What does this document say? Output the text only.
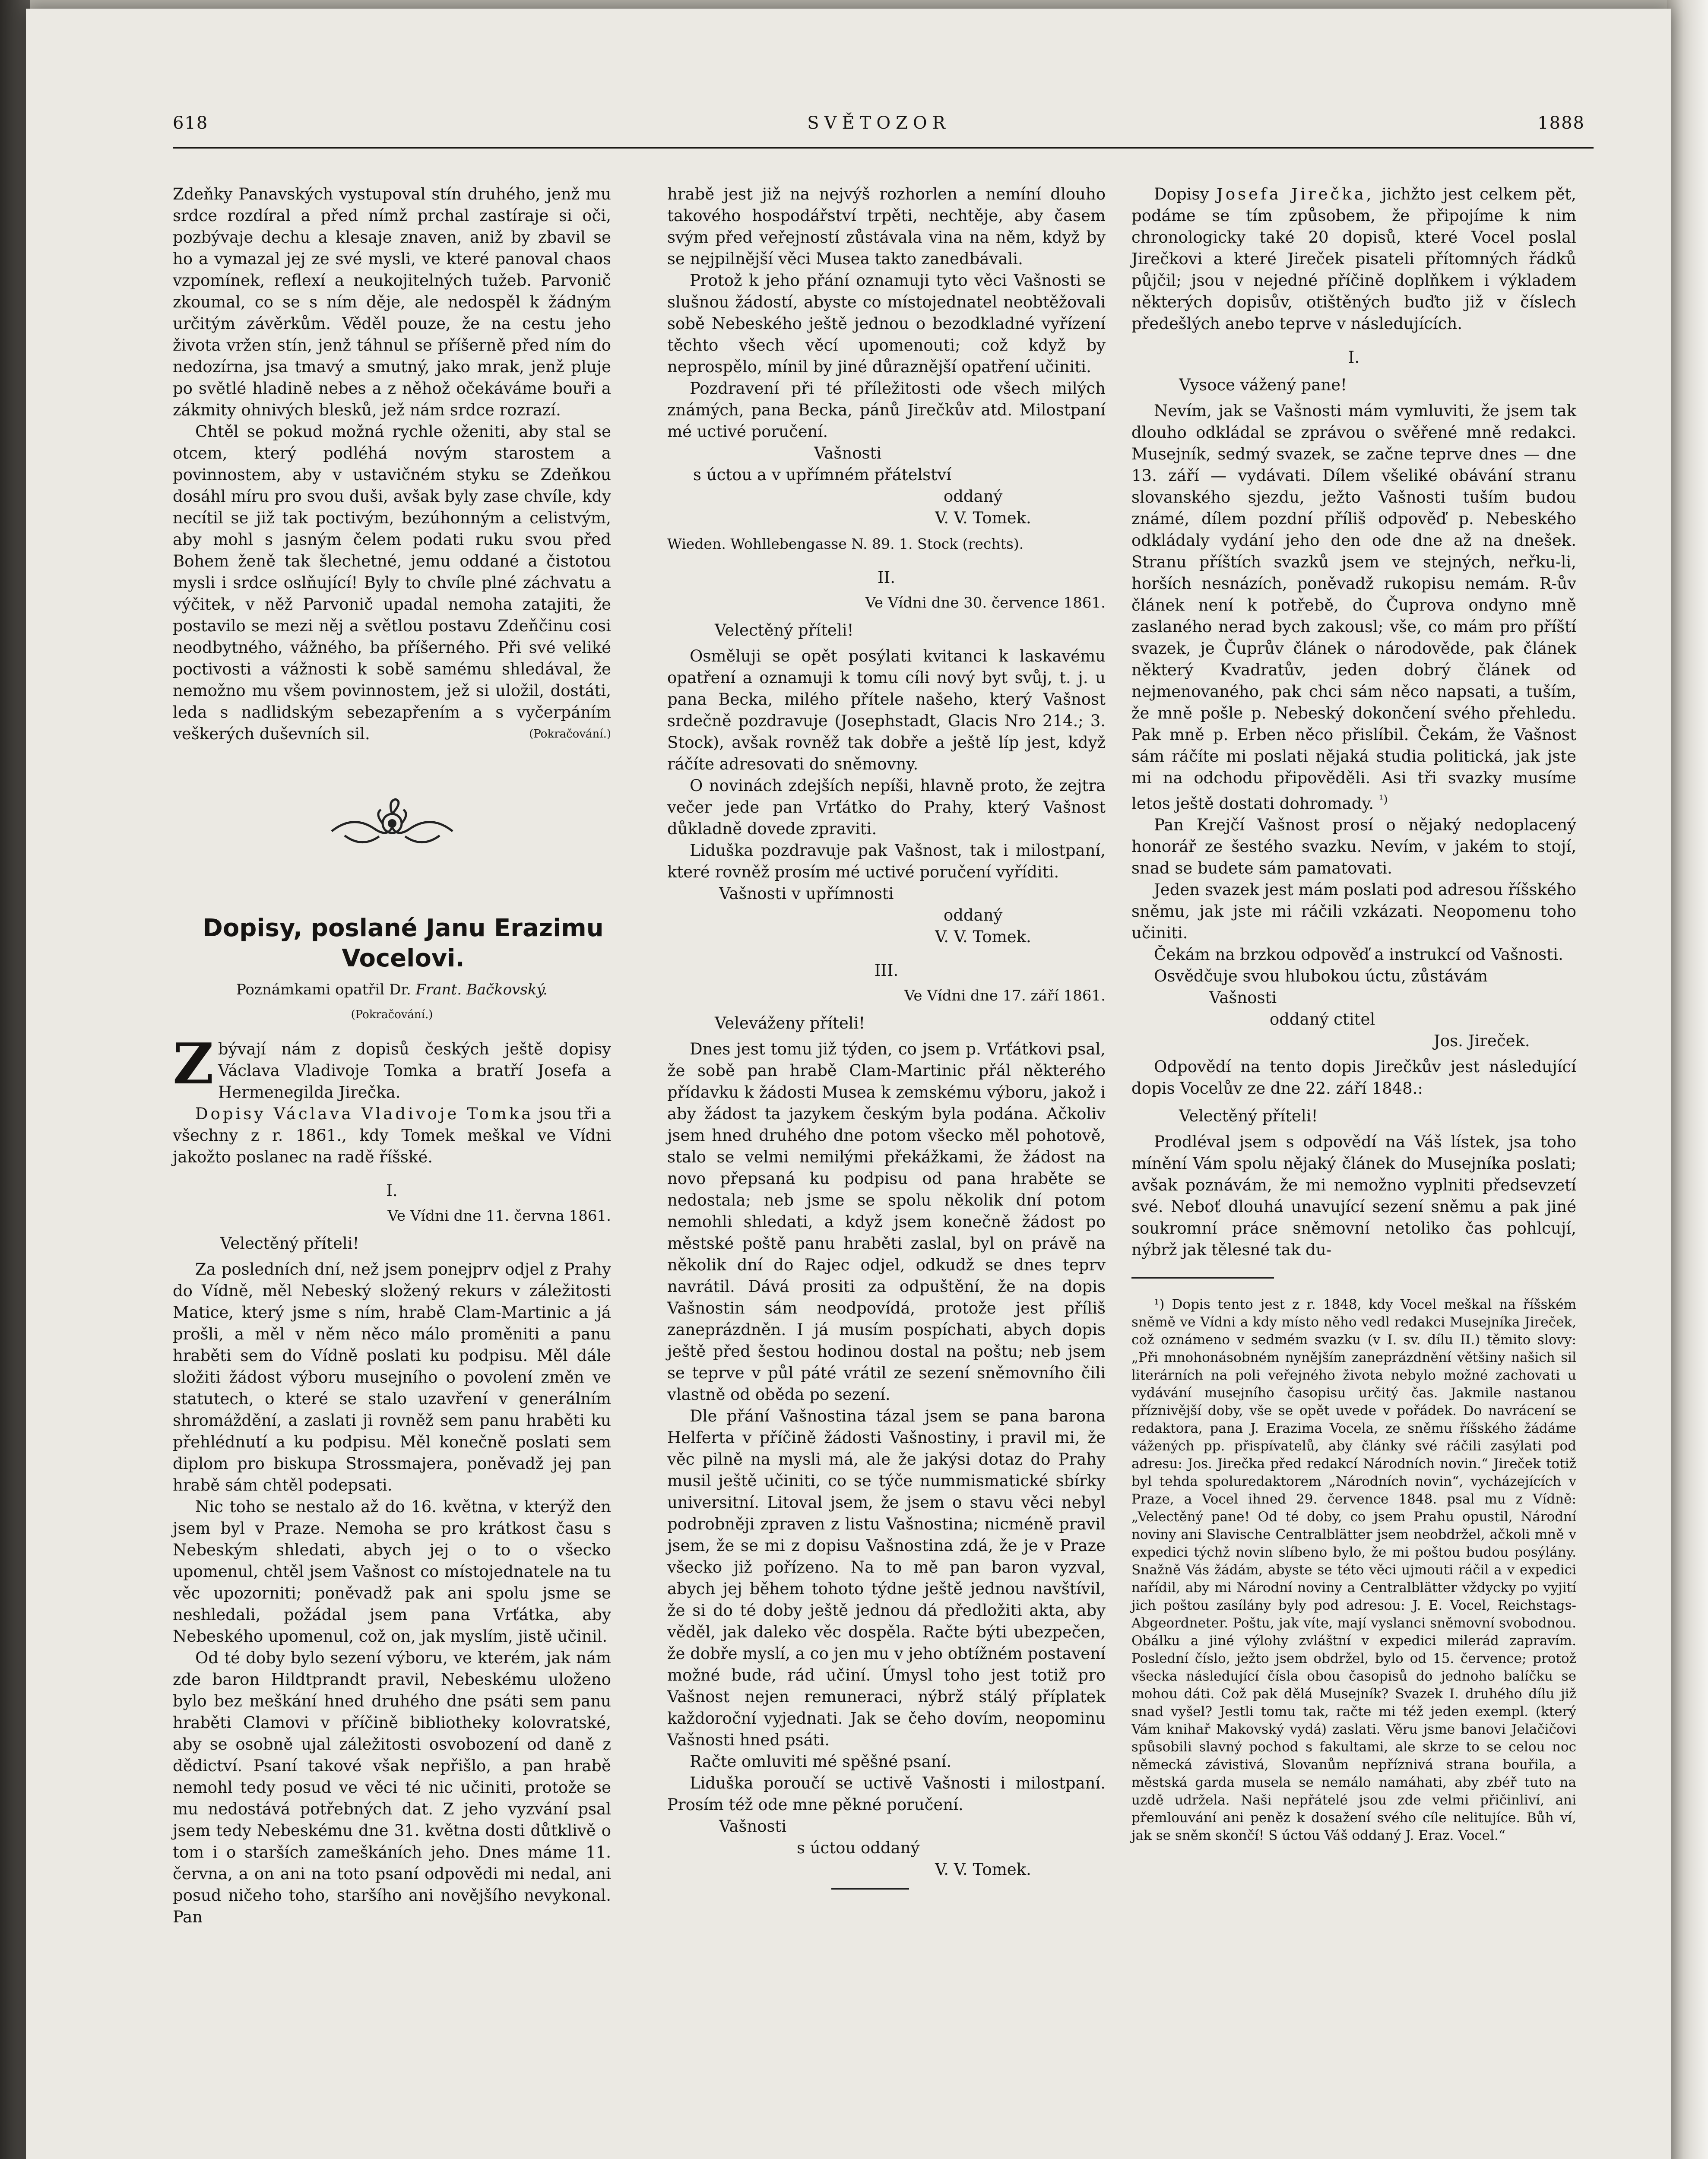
618	SVĚTOZOR	1888

Zdeňky Panavských vystupoval stín druhého, jenž mu srdce rozdíral a před nímž prchal zastíraje si oči, pozbývaje dechu a klesaje znaven, aniž by zbavil se ho a vymazal jej ze své mysli, ve které panoval chaos vzpomínek, reflexí a neukojitelných tužeb. Parvonič zkoumal, co se s ním děje, ale nedospěl k žádným určitým závěrkům. Věděl pouze, že na cestu jeho života vržen stín, jenž táhnul se příšerně před ním do nedozírna, jsa tmavý a smutný, jako mrak, jenž pluje po světlé hladině nebes a z něhož očekáváme bouři a zákmity ohnivých blesků, jež nám srdce rozrazí.

Chtěl se pokud možná rychle oženiti, aby stal se otcem, který podléhá novým starostem a povinnostem, aby v ustavičném styku se Zdeňkou dosáhl míru pro svou duši, avšak byly zase chvíle, kdy necítil se již tak poctivým, bezúhonným a celistvým, aby mohl s jasným čelem podati ruku svou před Bohem ženě tak šlechetné, jemu oddané a čistotou mysli i srdce oslňující! Byly to chvíle plné záchvatu a výčitek, v něž Parvonič upadal nemoha zatajiti, že postavilo se mezi něj a světlou postavu Zdeňčinu cosi neodbytného, vážného, ba příšerného. Při své veliké poctivosti a vážnosti k sobě samému shledával, že nemožno mu všem povinnostem, jež si uložil, dostáti, leda s nadlidským sebezapřením a s vyčerpáním veškerých duševních sil.	(Pokračování.)

Dopisy, poslané Janu Erazimu

Vocelovi.

Poznámkami opatřil Dr. Frant. Bačkovský.
(Pokračování.)

Zbývají nám z dopisů českých ještě dopisy Václava Vladivoje Tomka a bratří Josefa a Hermenegilda Jirečka.

Dopisy Václava Vladivoje Tomka jsou tři a všechny z r. 1861., kdy Tomek meškal ve Vídni jakožto poslanec na radě říšské.

I.

Ve Vídni dne 11. června 1861.

Velectěný příteli!

Za posledních dní, než jsem ponejprv odjel z Prahy do Vídně, měl Nebeský složený rekurs v záležitosti Matice, který jsme s ním, hrabě Clam-Martinic a já prošli, a měl v něm něco málo proměniti a panu hraběti sem do Vídně poslati ku podpisu. Měl dále složiti žádost výboru musejního o povolení změn ve statutech, o které se stalo uzavření v generálním shromáždění, a zaslati ji rovněž sem panu hraběti ku přehlédnutí a ku podpisu. Měl konečně poslati sem diplom pro biskupa Strossmajera, poněvadž jej pan hrabě sám chtěl podepsati.

Nic toho se nestalo až do 16. května, v kterýž den jsem byl v Praze. Nemoha se pro krátkost času s Nebeským shledati, abych jej o to o všecko upomenul, chtěl jsem Vašnost co místojednatele na tu věc upozorniti; poněvadž pak ani spolu jsme se neshledali, požádal jsem pana Vrťátka, aby Nebeského upomenul, což on, jak myslím, jistě učinil.

Od té doby bylo sezení výboru, ve kterém, jak nám zde baron Hildtprandt pravil, Nebeskému uloženo bylo bez meškání hned druhého dne psáti sem panu hraběti Clamovi v příčině bibliotheky kolovratské, aby se osobně ujal záležitosti osvobození od daně z dědictví. Psaní takové však nepřišlo, a pan hrabě nemohl tedy posud ve věci té nic učiniti, protože se mu nedostává potřebných dat. Z jeho vyzvání psal jsem tedy Nebeskému dne 31. května dosti důtklivě o tom i o starších zameškáních jeho. Dnes máme 11. června, a on ani na toto psaní odpovědi mi nedal, ani posud ničeho toho, staršího ani novějšího nevykonal. Pan

hrabě jest již na nejvýš rozhorlen a nemíní dlouho takového hospodářství trpěti, nechtěje, aby časem svým před veřejností zůstávala vina na něm, když by se nejpilnější věci Musea takto zanedbávali.

Protož k jeho přání oznamuji tyto věci Vašnosti se slušnou žádostí, abyste co místojednatel neobtěžovali sobě Nebeského ještě jednou o bezodkladné vyřízení těchto všech věcí upomenouti; což když by neprospělo, mínil by jiné důraznější opatření učiniti.

Pozdravení při té příležitosti ode všech milých známých, pana Becka, pánů Jirečkův atd. Milostpaní mé uctivé poručení.

Vašnosti

s úctou a v upřímném přátelství

oddaný

V. V. Tomek.

Wieden. Wohllebengasse N. 89. 1. Stock (rechts).

II.

Ve Vídni dne 30. července 1861.

Velectěný příteli!

Osměluji se opět posýlati kvitanci k laskavému opatření a oznamuji k tomu cíli nový byt svůj, t. j. u pana Becka, milého přítele našeho, který Vašnost srdečně pozdravuje (Josephstadt, Glacis Nro 214.; 3. Stock), avšak rovněž tak dobře a ještě líp jest, když ráčíte adresovati do sněmovny.

O novinách zdejších nepíši, hlavně proto, že zejtra večer jede pan Vrťátko do Prahy, který Vašnost důkladně dovede zpraviti.

Liduška pozdravuje pak Vašnost, tak i milostpaní, které rovněž prosím mé uctivé poručení vyříditi.

Vašnosti v upřímnosti

oddaný

V. V. Tomek.

III.

Ve Vídni dne 17. září 1861.

Veleváženy příteli!

Dnes jest tomu již týden, co jsem p. Vrťátkovi psal, že sobě pan hrabě Clam-Martinic přál některého přídavku k žádosti Musea k zemskému výboru, jakož i aby žádost ta jazykem českým byla podána. Ačkoliv jsem hned druhého dne potom všecko měl pohotově, stalo se velmi nemilými překážkami, že žádost na novo přepsaná ku podpisu od pana hraběte se nedostala; neb jsme se spolu několik dní potom nemohli shledati, a když jsem konečně žádost po městské poště panu hraběti zaslal, byl on právě na několik dní do Rajec odjel, odkudž se dnes teprv navrátil. Dává prositi za odpuštění, že na dopis Vašnostin sám neodpovídá, protože jest příliš zaneprázdněn. I já musím pospíchati, abych dopis ještě před šestou hodinou dostal na poštu; neb jsem se teprve v půl páté vrátil ze sezení sněmovního čili vlastně od oběda po sezení.

Dle přání Vašnostina tázal jsem se pana barona Helferta v příčině žádosti Vašnostiny, i pravil mi, že věc pilně na mysli má, ale že jakýsi dotaz do Prahy musil ještě učiniti, co se týče nummismatické sbírky universitní. Litoval jsem, že jsem o stavu věci nebyl podrobněji zpraven z listu Vašnostina; nicméně pravil jsem, že se mi z dopisu Vašnostina zdá, že je v Praze všecko již pořízeno. Na to mě pan baron vyzval, abych jej během tohoto týdne ještě jednou navštívil, že si do té doby ještě jednou dá předložiti akta, aby věděl, jak daleko věc dospěla. Račte býti ubezpečen, že dobře myslí, a co jen mu v jeho obtížném postavení možné bude, rád učiní. Úmysl toho jest totiž pro Vašnost nejen remuneraci, nýbrž stálý příplatek každoroční vyjednati. Jak se čeho dovím, neopominu Vašnosti hned psáti.

Račte omluviti mé spěšné psaní.

Liduška poroučí se uctivě Vašnosti i milostpaní. Prosím též ode mne pěkné poručení.

Vašnosti

s úctou oddaný

V. V. Tomek.

Dopisy Josefa Jirečka, jichžto jest celkem pět, podáme se tím způsobem, že připojíme k nim chronologicky také 20 dopisů, které Vocel poslal Jirečkovi a které Jireček pisateli přítomných řádků půjčil; jsou v nejedné příčině doplňkem i výkladem některých dopisův, otištěných buďto již v číslech předešlých anebo teprve v následujících.

I.

Vysoce vážený pane!

Nevím, jak se Vašnosti mám vymluviti, že jsem tak dlouho odkládal se zprávou o svěřené mně redakci. Musejník, sedmý svazek, se začne teprve dnes — dne 13. září — vydávati. Dílem všeliké obávání stranu slovanského sjezdu, ježto Vašnosti tuším budou známé, dílem pozdní příliš odpověď p. Nebeského odkládaly vydání jeho den ode dne až na dnešek. Stranu příštích svazků jsem ve stejných, neřku-li, horších nesnázích, poněvadž rukopisu nemám. R-ův článek není k potřebě, do Čuprova ondyno mně zaslaného nerad bych zakousl; vše, co mám pro příští svazek, je Čuprův článek o národověde, pak článek některý Kvadratův, jeden dobrý článek od nejmenovaného, pak chci sám něco napsati, a tuším, že mně pošle p. Nebeský dokončení svého přehledu. Pak mně p. Erben něco přislíbil. Čekám, že Vašnost sám ráčíte mi poslati nějaká studia politická, jak jste mi na odchodu připověděli. Asi tři svazky musíme letos ještě dostati dohromady. $^{^1)}$

Pan Krejčí Vašnost prosí o nějaký nedoplacený honorář ze šestého svazku. Nevím, v jakém to stojí, snad se budete sám pamatovati.

Jeden svazek jest mám poslati pod adresou říšského sněmu, jak jste mi ráčili vzkázati. Neopomenu toho učiniti.

Čekám na brzkou odpověď a instrukcí od Vašnosti.

Osvědčuje svou hlubokou úctu, zůstávám

Vašnosti

oddaný ctitel

Jos. Jireček.

Odpovědí na tento dopis Jirečkův jest následující dopis Vocelův ze dne 22. září 1848.:

Velectěný příteli!

Prodléval jsem s odpovědí na Váš lístek, jsa toho mínění Vám spolu nějaký článek do Musejníka poslati; avšak poznávám, že mi nemožno vyplniti předsevzetí své. Neboť dlouhá unavující sezení sněmu a pak jiné soukromní práce sněmovní netoliko čas pohlcují, nýbrž jak tělesné tak du-

¹) Dopis tento jest z r. 1848, kdy Vocel meškal na říšském sněmě ve Vídni a kdy místo něho vedl redakci Musejníka Jireček, což oznámeno v sedmém svazku (v I. sv. dílu II.) těmito slovy: „Při mnohonásobném nynějším zaneprázdnění většiny našich sil literárních na poli veřejného života nebylo možné zachovati u vydávání musejního časopisu určitý čas. Jakmile nastanou příznivější doby, vše se opět uvede v pořádek. Do navrácení se redaktora, pana J. Erazima Vocela, ze sněmu říšského žádáme vážených pp. přispívatelů, aby články své ráčili zasýlati pod adresu: Jos. Jirečka před redakcí Národních novin.“ Jireček totiž byl tehda spoluredaktorem „Národních novin“, vycházejících v Praze, a Vocel ihned 29. července 1848. psal mu z Vídně: „Velectěný pane! Od té doby, co jsem Prahu opustil, Národní noviny ani Slavische Centralblätter jsem neobdržel, ačkoli mně v expedici týchž novin slíbeno bylo, že mi poštou budou posýlány. Snažně Vás žádám, abyste se této věci ujmouti ráčil a v expedici nařídil, aby mi Národní noviny a Centralblätter vždycky po vyjití jich poštou zasílány byly pod adresou: J. E. Vocel, Reichstags-Abgeordneter. Poštu, jak víte, mají vyslanci sněmovní svobodnou. Obálku a jiné výlohy zvláštní v expedici milerád zapravím. Poslední číslo, ježto jsem obdržel, bylo od 15. července; protož všecka následující čísla obou časopisů do jednoho balíčku se mohou dáti. Což pak dělá Musejník? Svazek I. druhého dílu již snad vyšel? Jestli tomu tak, račte mi též jeden exempl. (který Vám knihař Makovský vydá) zaslati. Věru jsme banovi Jelačičovi spůsobili slavný pochod s fakultami, ale skrze to se celou noc německá závistivá, Slovanům nepříznivá strana bouřila, a městská garda musela se nemálo namáhati, aby zbéř tuto na uzdě udržela. Naši nepřátelé jsou zde velmi přičinliví, ani přemlouvání ani peněz k dosažení svého cíle nelitujíce. Bůh ví, jak se sněm skončí! S úctou Váš oddaný J. Eraz. Vocel.“
